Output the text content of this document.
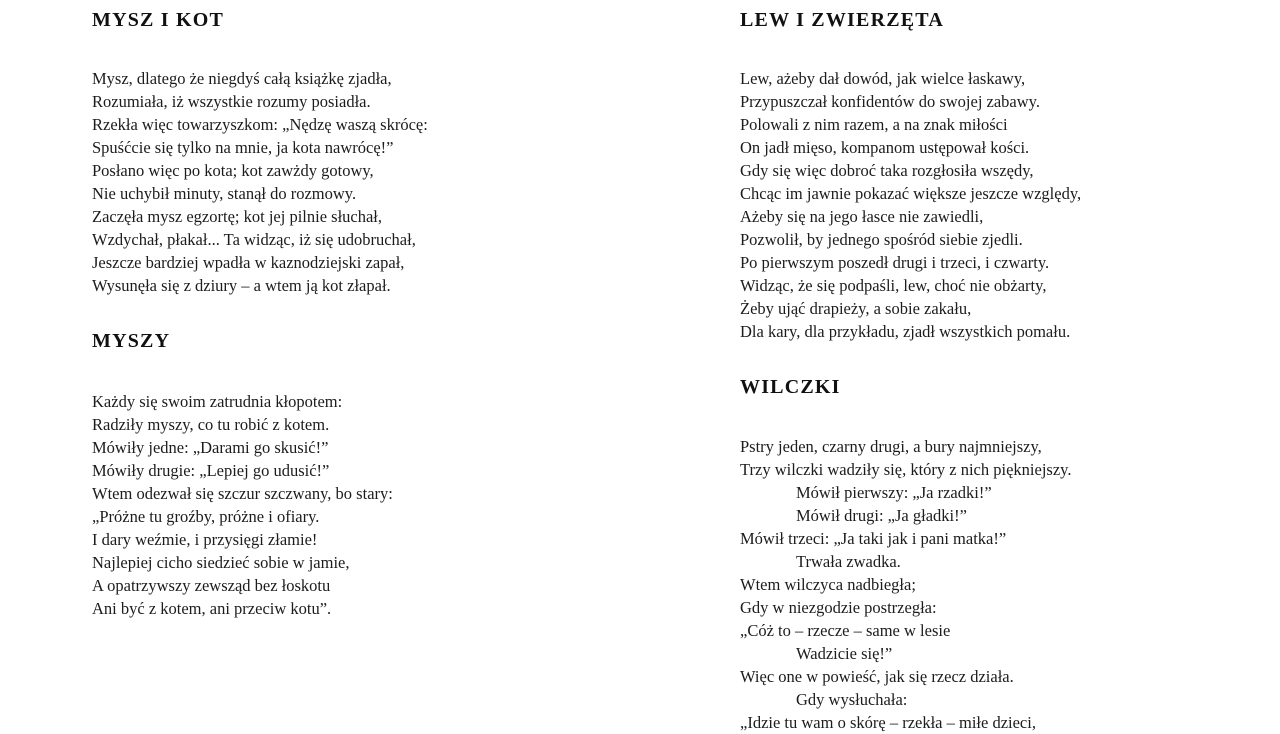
MYSZ I KOT
Mysz, dlatego że niegdyś całą książkę zjadła,
Rozumiała, iż wszystkie rozumy posiadła.
Rzekła więc towarzyszkom: „Nędzę waszą skrócę:
Spuśćcie się tylko na mnie, ja kota nawrócę!”
Posłano więc po kota; kot zawżdy gotowy,
Nie uchybił minuty, stanął do rozmowy.
Zaczęła mysz egzortę; kot jej pilnie słuchał,
Wzdychał, płakał... Ta widząc, iż się udobruchał,
Jeszcze bardziej wpadła w kaznodziejski zapał,
Wysunęła się z dziury – a wtem ją kot złapał.
MYSZY
Każdy się swoim zatrudnia kłopotem:
Radziły myszy, co tu robić z kotem.
Mówiły jedne: „Darami go skusić!”
Mówiły drugie: „Lepiej go udusić!”
Wtem odezwał się szczur szczwany, bo stary:
„Próżne tu groźby, próżne i ofiary.
I dary weźmie, i przysięgi złamie!
Najlepiej cicho siedzieć sobie w jamie,
A opatrzywszy zewsząd bez łoskotu
Ani być z kotem, ani przeciw kotu”.
LEW I ZWIERZĘTA
Lew, ażeby dał dowód, jak wielce łaskawy,
Przypuszczał konfidentów do swojej zabawy.
Polowali z nim razem, a na znak miłości
On jadł mięso, kompanom ustępował kości.
Gdy się więc dobroć taka rozgłosiła wszędy,
Chcąc im jawnie pokazać większe jeszcze względy,
Ażeby się na jego łasce nie zawiedli,
Pozwolił, by jednego spośród siebie zjedli.
Po pierwszym poszedł drugi i trzeci, i czwarty.
Widząc, że się podpaśli, lew, choć nie obżarty,
Żeby ująć drapieży, a sobie zakału,
Dla kary, dla przykładu, zjadł wszystkich pomału.
WILCZKI
Pstry jeden, czarny drugi, a bury najmniejszy,
Trzy wilczki wadziły się, który z nich piękniejszy.
Mówił pierwszy: „Ja rzadki!”
Mówił drugi: „Ja gładki!”
Mówił trzeci: „Ja taki jak i pani matka!”
Trwała zwadka.
Wtem wilczyca nadbiegła;
Gdy w niezgodzie postrzegła:
„Cóż to – rzecze – same w lesie
Wadzicie się!”
Więc one w powieść, jak się rzecz działa.
Gdy wysłuchała:
„Idzie tu wam o skórę – rzekła – miłe dzieci,
